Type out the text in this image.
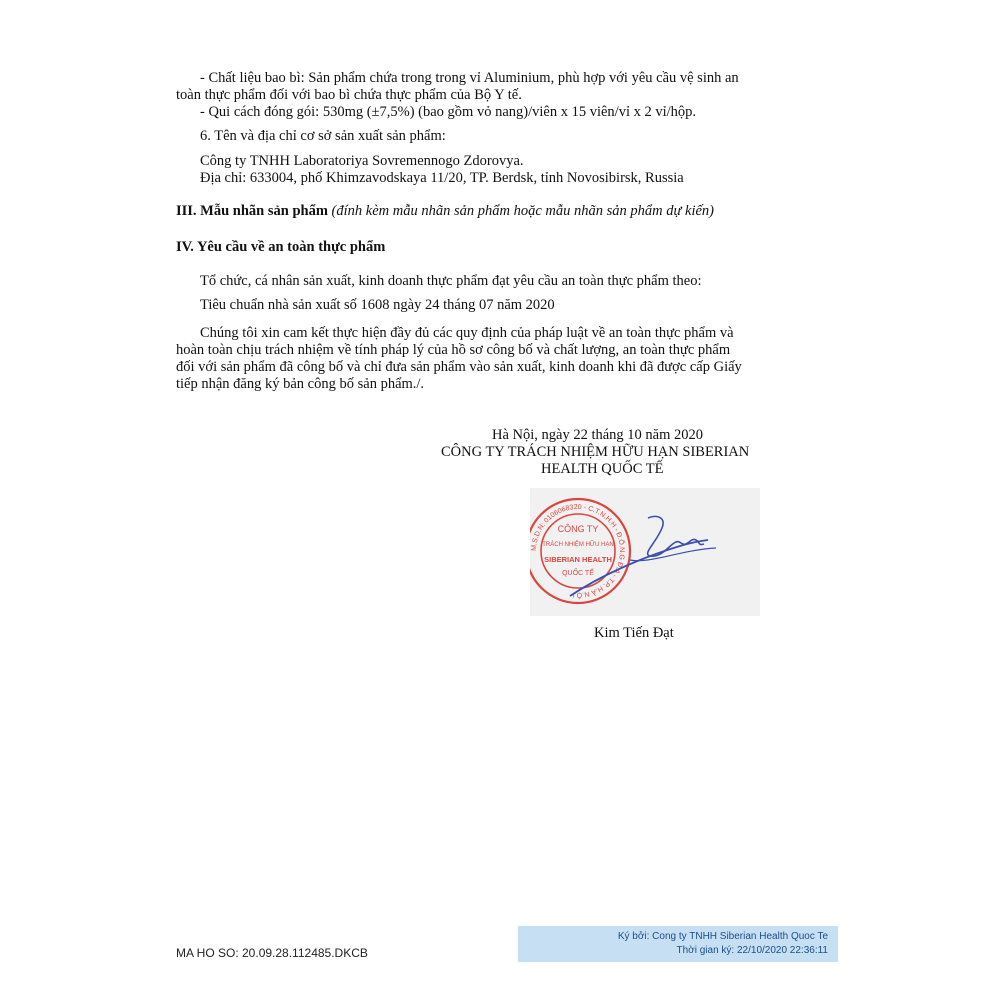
- Chất liệu bao bì: Sản phẩm chứa trong trong vỉ Aluminium, phù hợp với yêu cầu vệ sinh an
toàn thực phẩm đối với bao bì chứa thực phẩm của Bộ Y tế.
- Qui cách đóng gói: 530mg (±7,5%) (bao gồm vỏ nang)/viên x 15 viên/vỉ x 2 vỉ/hộp.
6. Tên và địa chỉ cơ sở sản xuất sản phẩm:
Công ty TNHH Laboratoriya Sovremennogo Zdorovya.
Địa chỉ: 633004, phố Khimzavodskaya 11/20, TP. Berdsk, tỉnh Novosibirsk, Russia
III. Mẫu nhãn sản phẩm (đính kèm mẫu nhãn sản phẩm hoặc mẫu nhãn sản phẩm dự kiến)
IV. Yêu cầu về an toàn thực phẩm
Tổ chức, cá nhân sản xuất, kinh doanh thực phẩm đạt yêu cầu an toàn thực phẩm theo:
Tiêu chuẩn nhà sản xuất số 1608 ngày 24 tháng 07 năm 2020
Chúng tôi xin cam kết thực hiện đầy đủ các quy định của pháp luật về an toàn thực phẩm và
hoàn toàn chịu trách nhiệm về tính pháp lý của hồ sơ công bố và chất lượng, an toàn thực phẩm
đối với sản phẩm đã công bố và chỉ đưa sản phẩm vào sản xuất, kinh doanh khi đã được cấp Giấy
tiếp nhận đăng ký bản công bố sản phẩm./.
Hà Nội, ngày 22 tháng 10 năm 2020
CÔNG TY TRÁCH NHIỆM HỮU HẠN SIBERIAN
HEALTH QUỐC TẾ
M.S.D.N: 0106068320 - C.T.N.H.H - Đ.Ố.N.G Đ.A - T.P. H.À N.Ộ.I
CÔNG TY
TRÁCH NHIỆM HỮU HẠN
SIBERIAN HEALTH
QUỐC TẾ
Kim Tiến Đạt
MA HO SO: 20.09.28.112485.DKCB
Ký bởi: Cong ty TNHH Siberian Health Quoc Te
Thời gian ký: 22/10/2020 22:36:11
